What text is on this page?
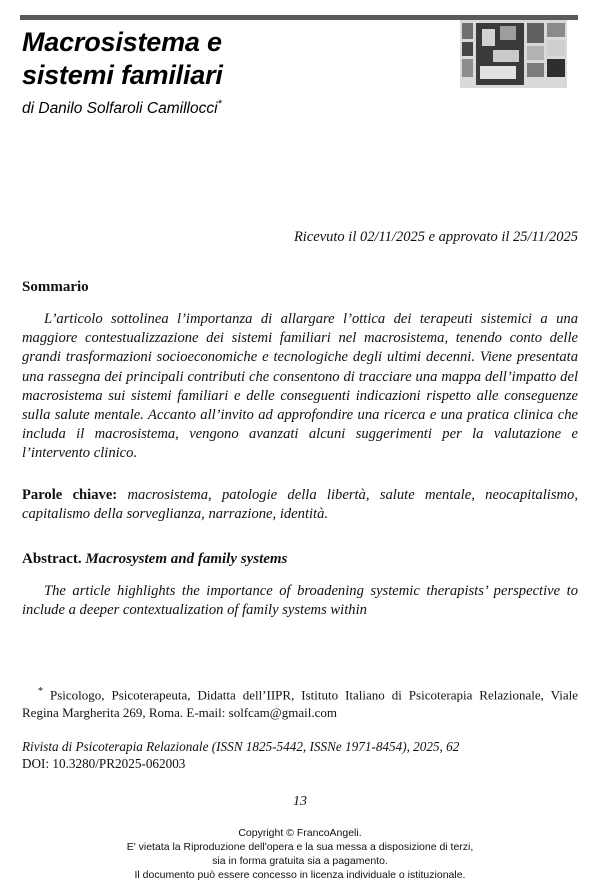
Macrosistema e
sistemi familiari
di Danilo Solfaroli Camillocci*
Ricevuto il 02/11/2025 e approvato il 25/11/2025
Sommario

L’articolo sottolinea l’importanza di allargare l’ottica dei terapeuti sistemici a una maggiore contestualizzazione dei sistemi familiari nel macrosistema, tenendo conto delle grandi trasformazioni socioeconomiche e tecnologiche degli ultimi decenni. Viene presentata una rassegna dei principali contributi che consentono di tracciare una mappa dell’impatto del macrosistema sui sistemi familiari e delle conseguenti indicazioni rispetto alle conseguenze sulla salute mentale. Accanto all’invito ad approfondire una ricerca e una pratica clinica che includa il macrosistema, vengono avanzati alcuni suggerimenti per la valutazione e l’intervento clinico.

Parole chiave: macrosistema, patologie della libertà, salute mentale, neocapitalismo, capitalismo della sorveglianza, narrazione, identità.

Abstract. Macrosystem and family systems

The article highlights the importance of broadening systemic therapists’ perspective to include a deeper contextualization of family systems within

* Psicologo, Psicoterapeuta, Didatta dell’IIPR, Istituto Italiano di Psicoterapia Relazionale, Viale Regina Margherita 269, Roma. E-mail: solfcam@gmail.com
Rivista di Psicoterapia Relazionale (ISSN 1825-5442, ISSNe 1971-8454), 2025, 62
DOI: 10.3280/PR2025-062003
13
Copyright © FrancoAngeli.
E' vietata la Riproduzione dell'opera e la sua messa a disposizione di terzi,
sia in forma gratuita sia a pagamento.
Il documento può essere concesso in licenza individuale o istituzionale.
